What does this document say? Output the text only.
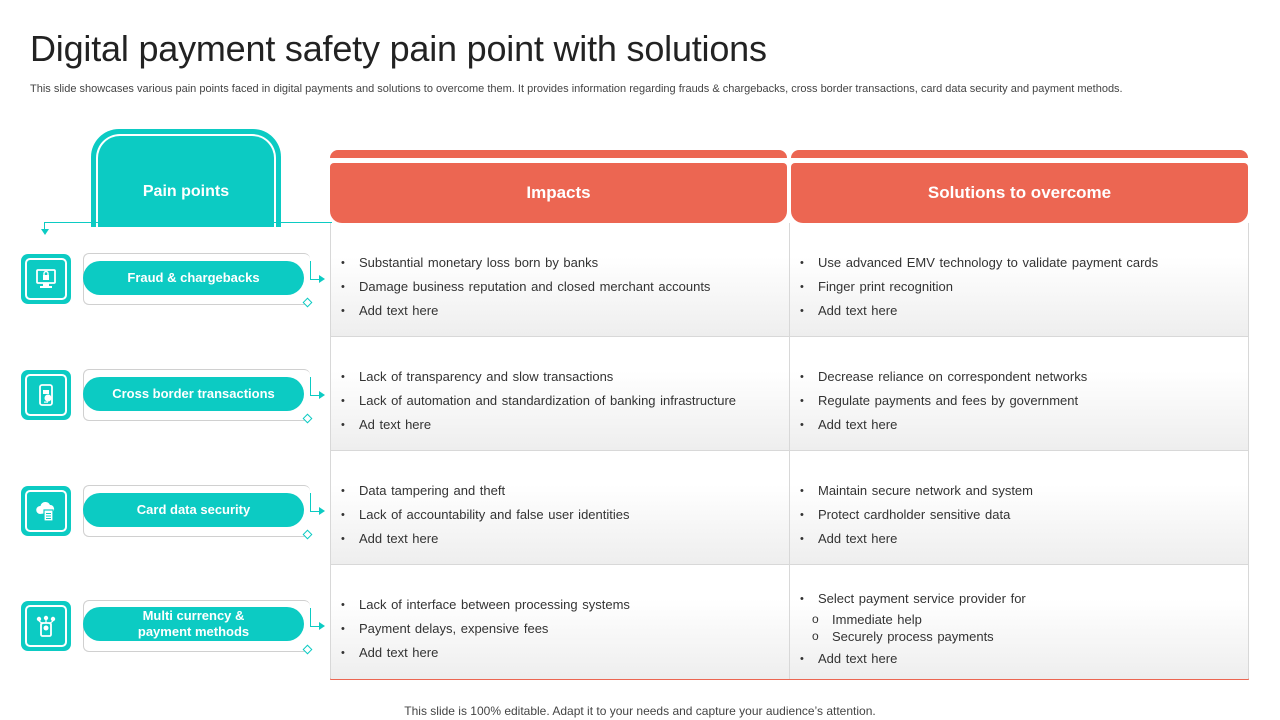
Digital payment safety pain point with solutions

This slide showcases various pain points faced in digital payments and solutions to overcome them. It provides information regarding frauds & chargebacks, cross border transactions, card data security and payment methods.

Pain points	Impacts	Solutions to overcome
• Substantial monetary loss born by banks
• Damage business reputation and closed merchant accounts
• Add text here
• Use advanced EMV technology to validate payment cards
• Finger print recognition
• Add text here
• Lack of transparency and slow transactions
• Lack of automation and standardization of banking infrastructure
• Ad text here
• Decrease reliance on correspondent networks
• Regulate payments and fees by government
• Add text here
• Data tampering and theft
• Lack of accountability and false user identities
• Add text here
• Maintain secure network and system
• Protect cardholder sensitive data
• Add text here
• Lack of interface between processing systems
• Payment delays, expensive fees
• Add text here
• Select payment service provider for
o Immediate help
o Securely process payments
• Add text here
Fraud & chargebacks
Cross border transactions
Card data security
Multi currency &
payment methods

This slide is 100% editable. Adapt it to your needs and capture your audience’s attention.
